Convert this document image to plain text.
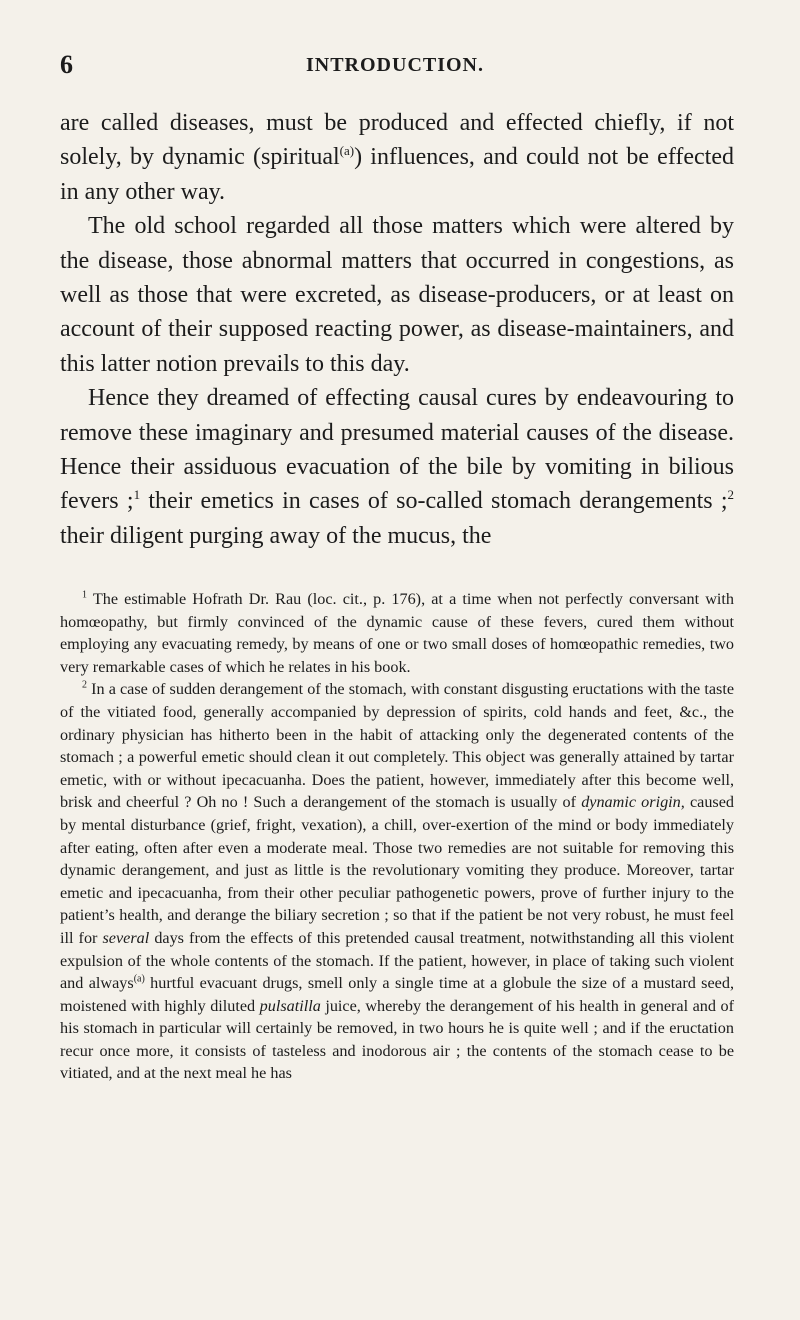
6	INTRODUCTION.

are called diseases, must be produced and effected chiefly, if not solely, by dynamic (spiritual$^{(a)}$) influences, and could not be effected in any other way.

The old school regarded all those matters which were altered by the disease, those abnormal matters that occurred in congestions, as well as those that were excreted, as disease-producers, or at least on account of their supposed reacting power, as disease-maintainers, and this latter notion prevails to this day.

Hence they dreamed of effecting causal cures by endeavouring to remove these imaginary and presumed material causes of the disease. Hence their assiduous evacuation of the bile by vomiting in bilious fevers ;$^1$ their emetics in cases of so-called stomach derangements ;$^2$ their diligent purging away of the mucus, the

$^1$ The estimable Hofrath Dr. Rau (loc. cit., p. 176), at a time when not perfectly conversant with homœopathy, but firmly convinced of the dynamic cause of these fevers, cured them without employing any evacuating remedy, by means of one or two small doses of homœopathic remedies, two very remarkable cases of which he relates in his book.

$^2$ In a case of sudden derangement of the stomach, with constant disgusting eructations with the taste of the vitiated food, generally accompanied by depression of spirits, cold hands and feet, &c., the ordinary physician has hitherto been in the habit of attacking only the degenerated contents of the stomach ; a powerful emetic should clean it out completely. This object was generally attained by tartar emetic, with or without ipecacuanha. Does the patient, however, immediately after this become well, brisk and cheerful ? Oh no ! Such a derangement of the stomach is usually of dynamic origin, caused by mental disturbance (grief, fright, vexation), a chill, over-exertion of the mind or body immediately after eating, often after even a moderate meal. Those two remedies are not suitable for removing this dynamic derangement, and just as little is the revolutionary vomiting they produce. Moreover, tartar emetic and ipecacuanha, from their other peculiar pathogenetic powers, prove of further injury to the patient’s health, and derange the biliary secretion ; so that if the patient be not very robust, he must feel ill for several days from the effects of this pretended causal treatment, notwithstanding all this violent expulsion of the whole contents of the stomach. If the patient, however, in place of taking such violent and always$^{(a)}$ hurtful evacuant drugs, smell only a single time at a globule the size of a mustard seed, moistened with highly diluted pulsatilla juice, whereby the derangement of his health in general and of his stomach in particular will certainly be removed, in two hours he is quite well ; and if the eructation recur once more, it consists of tasteless and inodorous air ; the contents of the stomach cease to be vitiated, and at the next meal he has
